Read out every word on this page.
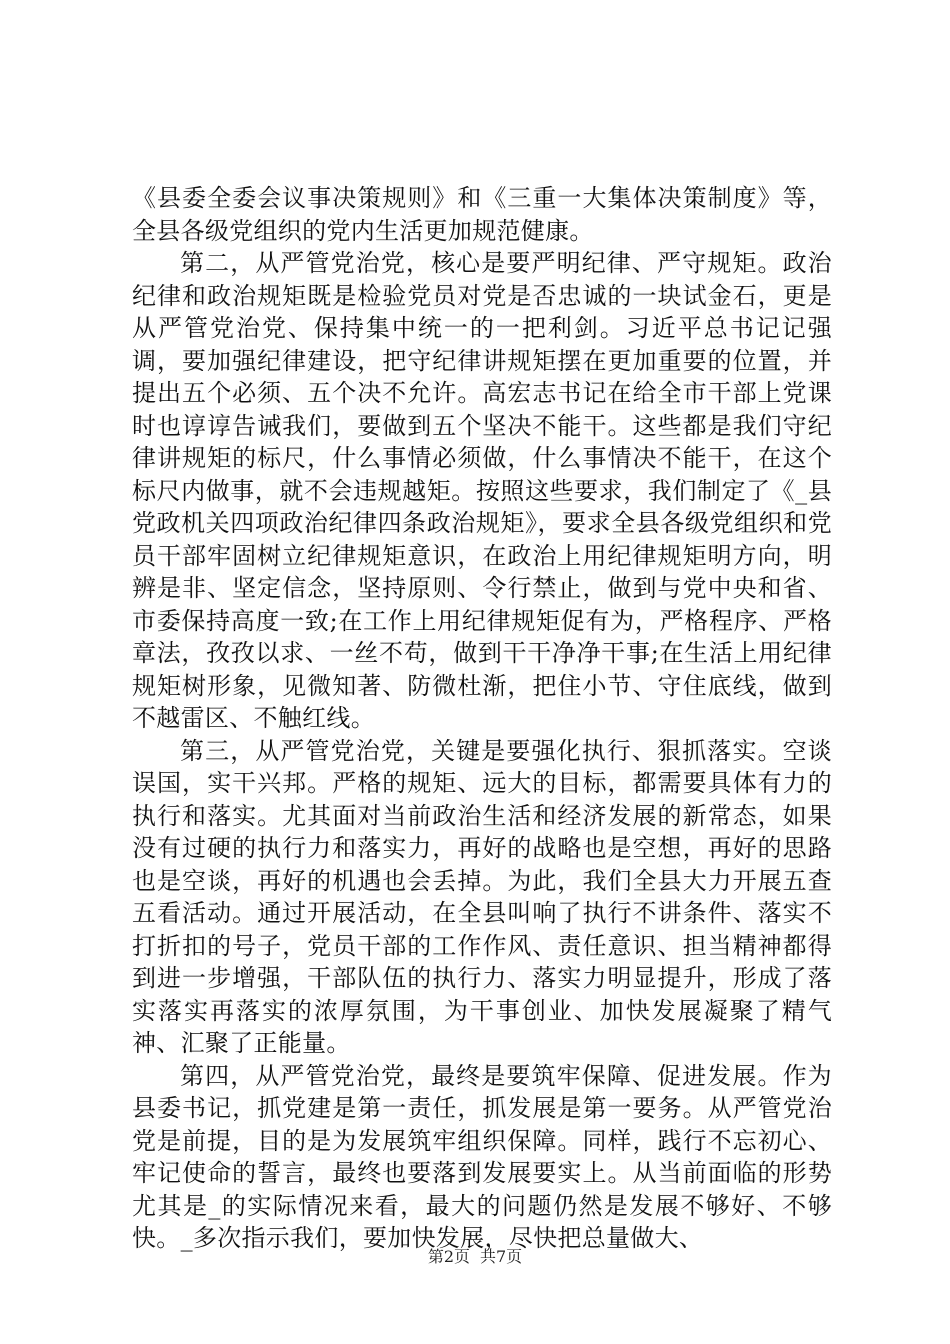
《县委全委会议事决策规则》和《三重一大集体决策制度》等，全县各级党组织的党内生活更加规范健康。

第二，从严管党治党，核心是要严明纪律、严守规矩。政治纪律和政治规矩既是检验党员对党是否忠诚的一块试金石，更是从严管党治党、保持集中统一的一把利剑。习近平总书记记强调，要加强纪律建设，把守纪律讲规矩摆在更加重要的位置，并提出五个必须、五个决不允许。高宏志书记在给全市干部上党课时也谆谆告诫我们，要做到五个坚决不能干。这些都是我们守纪律讲规矩的标尺，什么事情必须做，什么事情决不能干，在这个标尺内做事，就不会违规越矩。按照这些要求，我们制定了《_县党政机关四项政治纪律四条政治规矩》，要求全县各级党组织和党员干部牢固树立纪律规矩意识，在政治上用纪律规矩明方向，明辨是非、坚定信念，坚持原则、令行禁止，做到与党中央和省、市委保持高度一致;在工作上用纪律规矩促有为，严格程序、严格章法，孜孜以求、一丝不苟，做到干干净净干事;在生活上用纪律规矩树形象，见微知著、防微杜渐，把住小节、守住底线，做到不越雷区、不触红线。

第三，从严管党治党，关键是要强化执行、狠抓落实。空谈误国，实干兴邦。严格的规矩、远大的目标，都需要具体有力的执行和落实。尤其面对当前政治生活和经济发展的新常态，如果没有过硬的执行力和落实力，再好的战略也是空想，再好的思路也是空谈，再好的机遇也会丢掉。为此，我们全县大力开展五查五看活动。通过开展活动，在全县叫响了执行不讲条件、落实不打折扣的号子，党员干部的工作作风、责任意识、担当精神都得到进一步增强，干部队伍的执行力、落实力明显提升，形成了落实落实再落实的浓厚氛围，为干事创业、加快发展凝聚了精气神、汇聚了正能量。

第四，从严管党治党，最终是要筑牢保障、促进发展。作为县委书记，抓党建是第一责任，抓发展是第一要务。从严管党治党是前提，目的是为发展筑牢组织保障。同样，践行不忘初心、牢记使命的誓言，最终也要落到发展要实上。从当前面临的形势尤其是_的实际情况来看，最大的问题仍然是发展不够好、不够快。_多次指示我们，要加快发展，尽快把总量做大、

第2页 共7页
